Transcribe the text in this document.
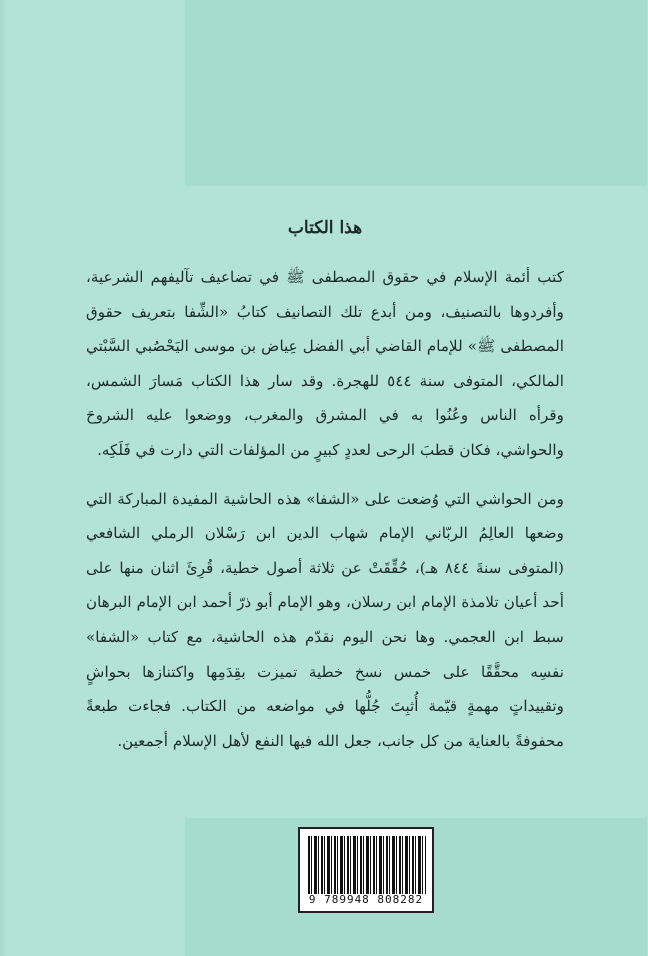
هذا الكتاب

كتب أئمة الإسلام في حقوق المصطفى ﷺ في تضاعيف تآليفهم الشرعية، وأفردوها بالتصنيف، ومن أبدع تلك التصانيف كتابُ «الشِّفا بتعريف حقوق المصطفى ﷺ» للإمام القاضي أبي الفضل عِياض بن موسى اليَحْصُبي السَّبْتي المالكي، المتوفى سنة ٥٤٤ للهجرة. وقد سار هذا الكتاب مَسارَ الشمس، وقرأه الناس وعُنُوا به في المشرق والمغرب، ووضعوا عليه الشروحَ والحواشي، فكان قطبَ الرحى لعددٍ كبيرٍ من المؤلفات التي دارت في فَلَكِه.

ومن الحواشي التي وُضعت على «الشفا» هذه الحاشية المفيدة المباركة التي وضعها العالِمُ الربّاني الإمام شهاب الدين ابن رَسْلان الرملي الشافعي (المتوفى سنةَ ٨٤٤ هـ)، حُقِّقَتْ عن ثلاثة أصول خطية، قُرِئَ اثنان منها على أحد أعيان تلامذة الإمام ابن رسلان، وهو الإمام أبو ذرّ أحمد ابن الإمام البرهان سبط ابن العجمي. وها نحن اليوم نقدّم هذه الحاشية، مع كتاب «الشفا» نفسِه محقَّقًا على خمس نسخ خطية تميزت بقِدَمِها واكتنازها بحواشٍ وتقييداتٍ مهمةٍ قيّمة أُثبِتَ جُلُّها في مواضعه من الكتاب. فجاءت طبعةً محفوفةً بالعناية من كل جانب، جعل الله فيها النفع لأهل الإسلام أجمعين.

9 789948 808282
